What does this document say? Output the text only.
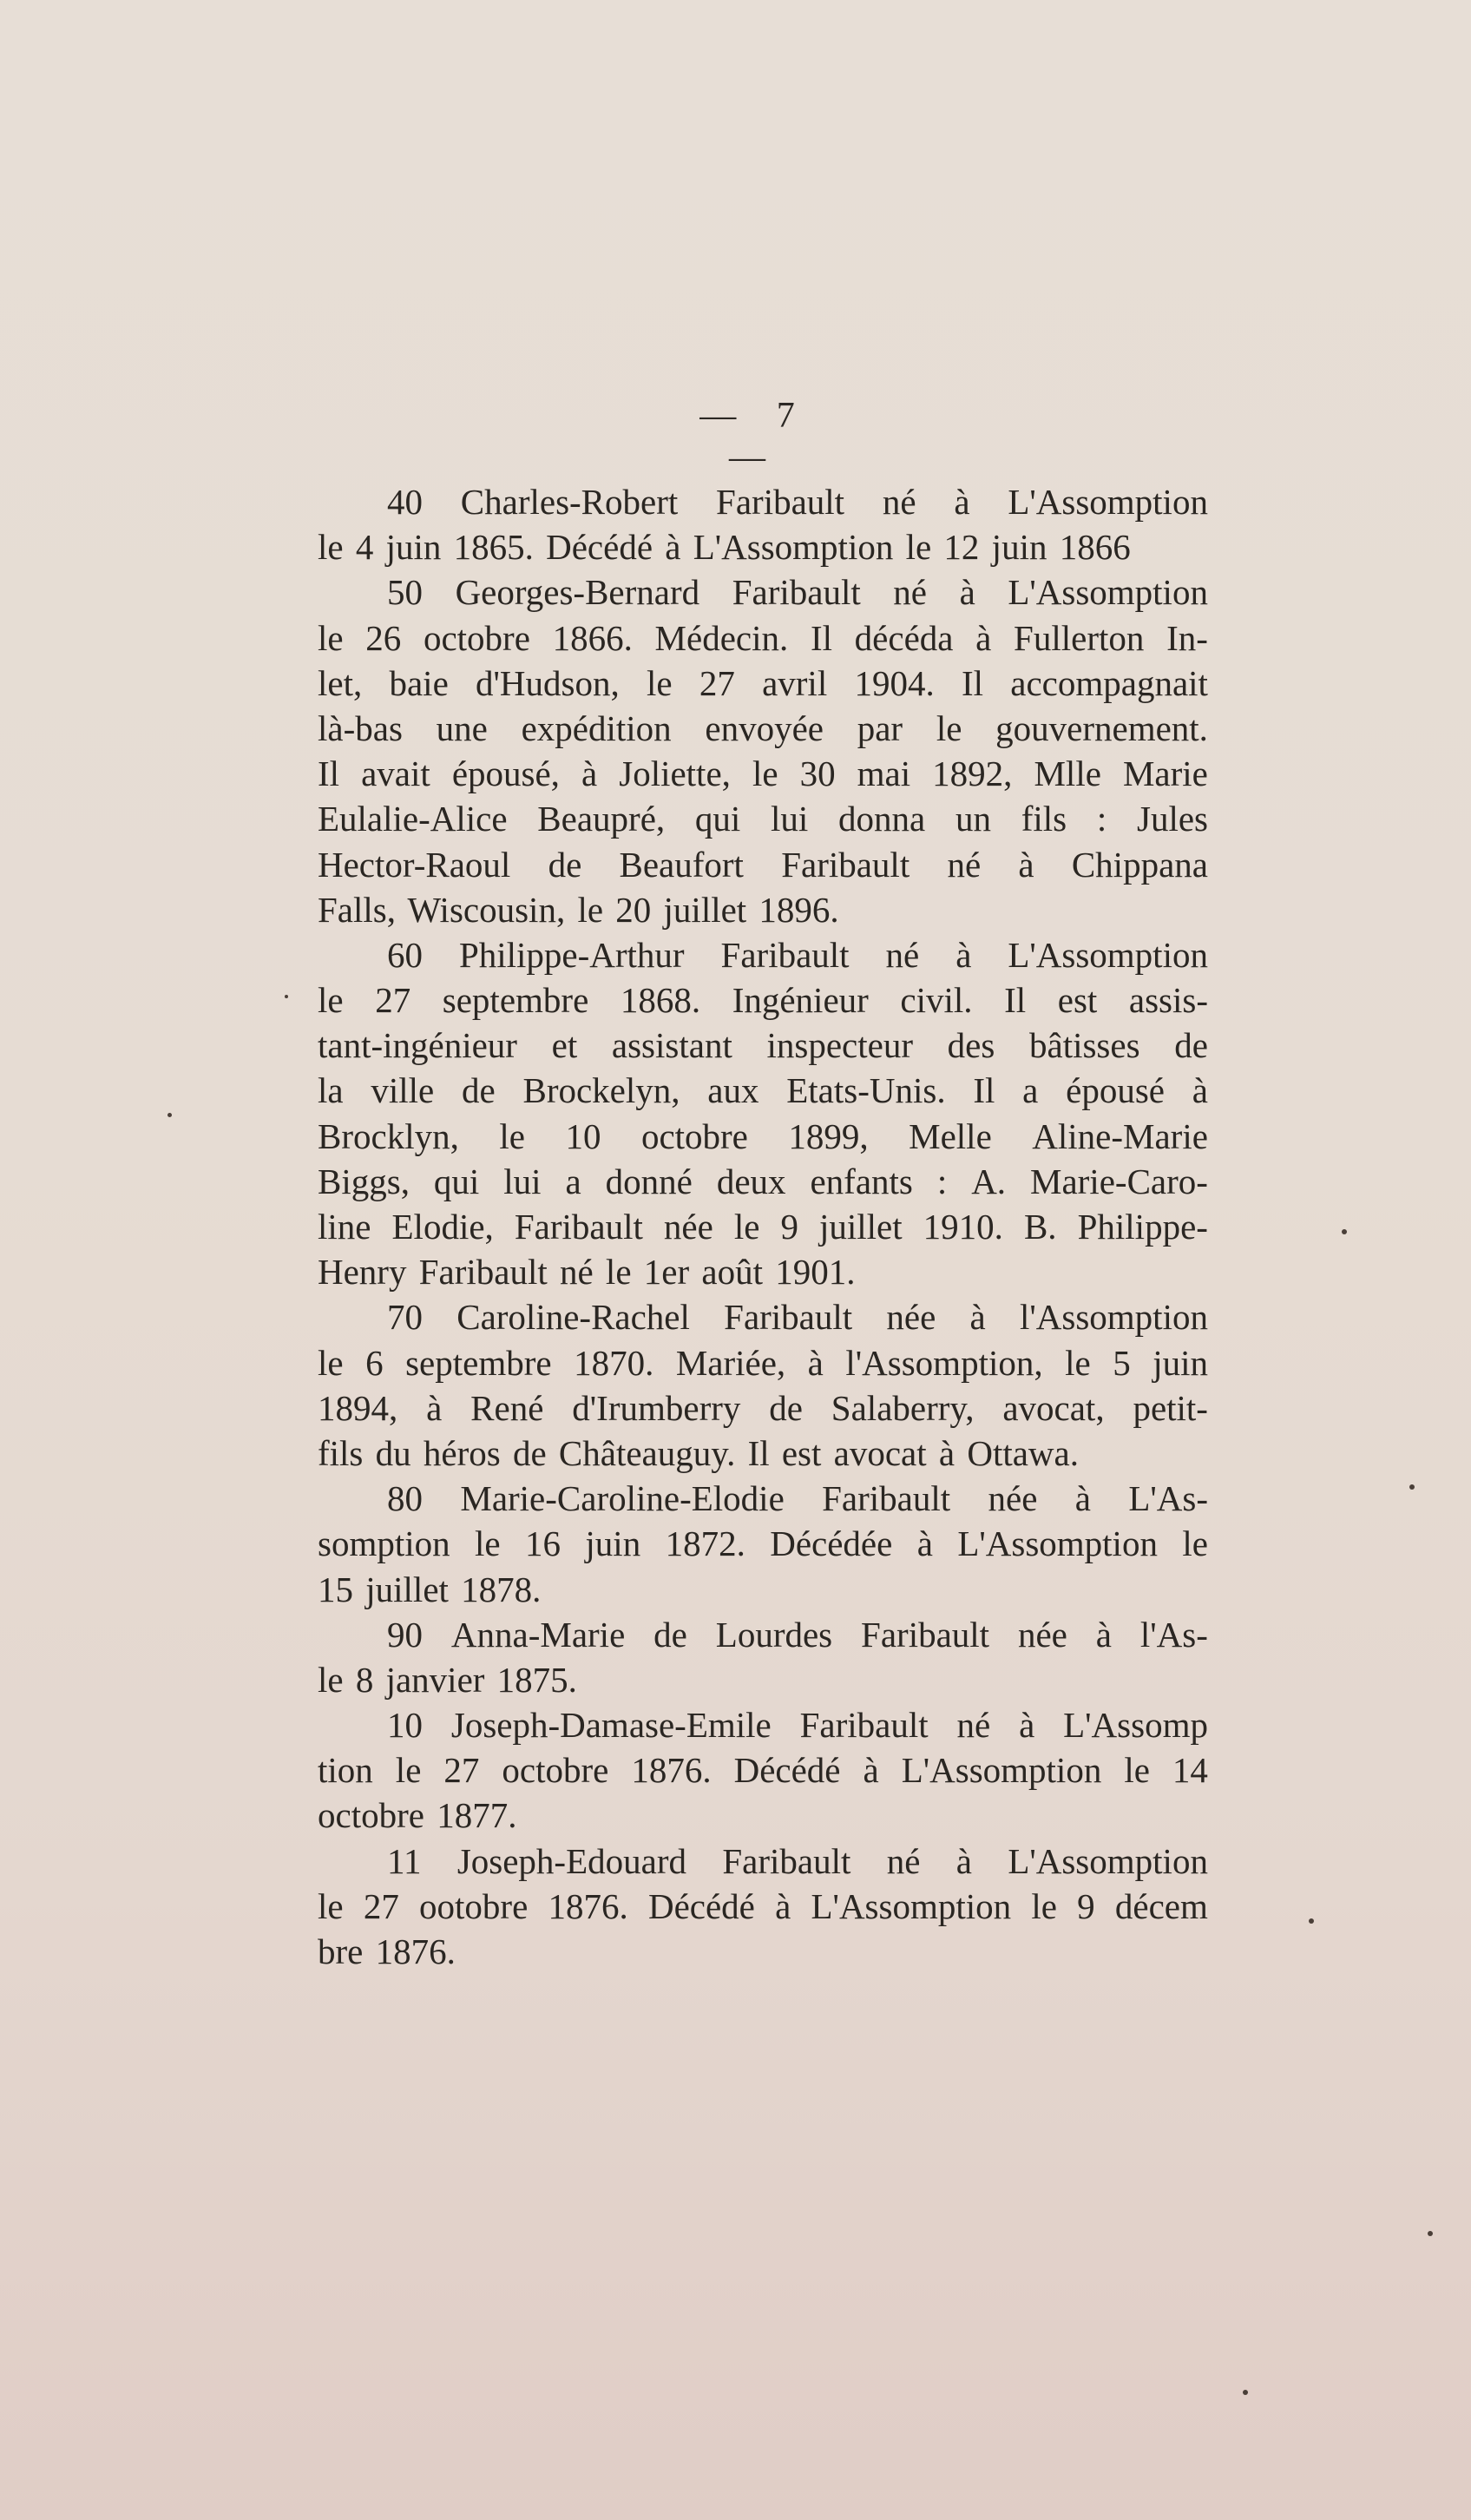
— 7 —
40 Charles-Robert Faribault né à L'Assomption
le 4 juin 1865. Décédé à L'Assomption le 12 juin 1866
50 Georges-Bernard Faribault né à L'Assomption
le 26 octobre 1866. Médecin. Il décéda à Fullerton In-
let, baie d'Hudson, le 27 avril 1904. Il accompagnait
là-bas une expédition envoyée par le gouvernement.
Il avait épousé, à Joliette, le 30 mai 1892, Mlle Marie
Eulalie-Alice Beaupré, qui lui donna un fils : Jules
Hector-Raoul de Beaufort Faribault né à Chippana
Falls, Wiscousin, le 20 juillet 1896.
60 Philippe-Arthur Faribault né à L'Assomption
le 27 septembre 1868. Ingénieur civil. Il est assis-
tant-ingénieur et assistant inspecteur des bâtisses de
la ville de Brockelyn, aux Etats-Unis. Il a épousé à
Brocklyn, le 10 octobre 1899, Melle Aline-Marie
Biggs, qui lui a donné deux enfants : A. Marie-Caro-
line Elodie, Faribault née le 9 juillet 1910. B. Philippe-
Henry Faribault né le 1er août 1901.
70 Caroline-Rachel Faribault née à l'Assomption
le 6 septembre 1870. Mariée, à l'Assomption, le 5 juin
1894, à René d'Irumberry de Salaberry, avocat, petit-
fils du héros de Châteauguy. Il est avocat à Ottawa.
80 Marie-Caroline-Elodie Faribault née à L'As-
somption le 16 juin 1872. Décédée à L'Assomption le
15 juillet 1878.
90 Anna-Marie de Lourdes Faribault née à l'As-
le 8 janvier 1875.
10 Joseph-Damase-Emile Faribault né à L'Assomp
tion le 27 octobre 1876. Décédé à L'Assomption le 14
octobre 1877.
11 Joseph-Edouard Faribault né à L'Assomption
le 27 ootobre 1876. Décédé à L'Assomption le 9 décem
bre 1876.
